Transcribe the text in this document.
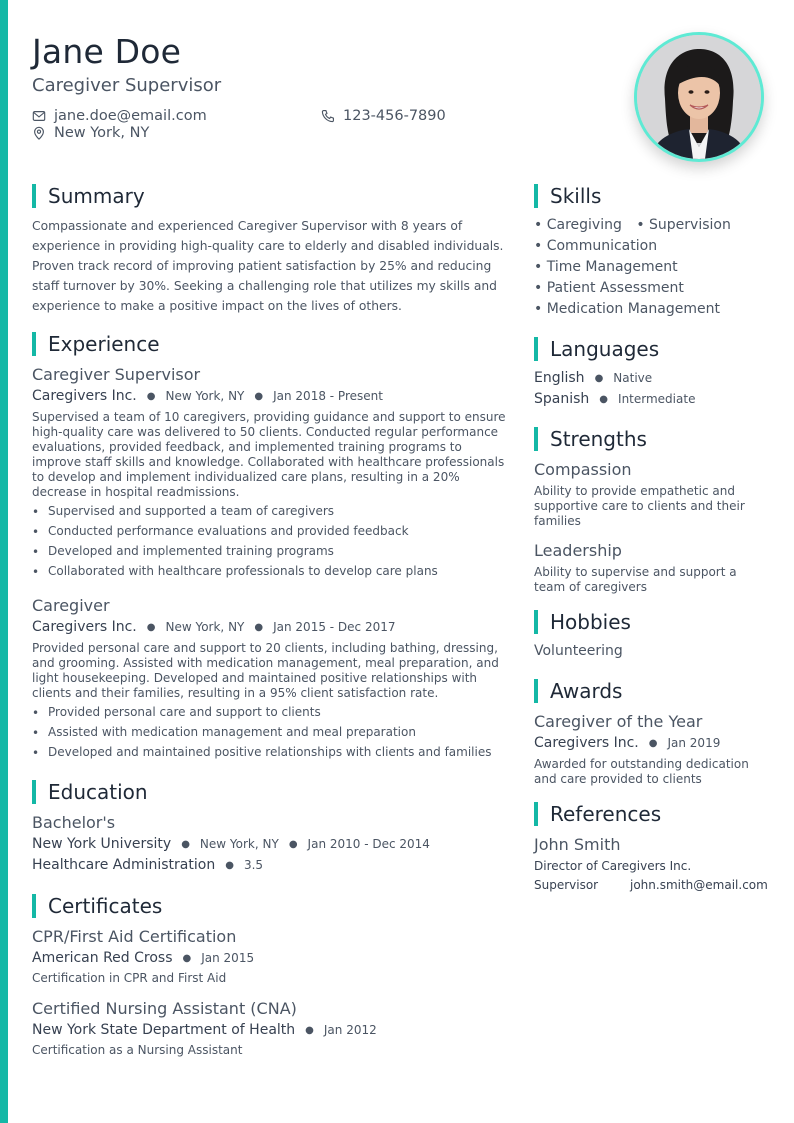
Jane Doe
Caregiver Supervisor
jane.doe@email.com
New York, NY
123-456-7890
Summary
Compassionate and experienced Caregiver Supervisor with 8 years of experience in providing high-quality care to elderly and disabled individuals. Proven track record of improving patient satisfaction by 25% and reducing staff turnover by 30%. Seeking a challenging role that utilizes my skills and experience to make a positive impact on the lives of others.
Experience
Caregiver Supervisor
Caregivers Inc. ● New York, NY ● Jan 2018 - Present
Supervised a team of 10 caregivers, providing guidance and support to ensure high-quality care was delivered to 50 clients. Conducted regular performance evaluations, provided feedback, and implemented training programs to improve staff skills and knowledge. Collaborated with healthcare professionals to develop and implement individualized care plans, resulting in a 20% decrease in hospital readmissions.
• Supervised and supported a team of caregivers
• Conducted performance evaluations and provided feedback
• Developed and implemented training programs
• Collaborated with healthcare professionals to develop care plans
Caregiver
Caregivers Inc. ● New York, NY ● Jan 2015 - Dec 2017
Provided personal care and support to 20 clients, including bathing, dressing, and grooming. Assisted with medication management, meal preparation, and light housekeeping. Developed and maintained positive relationships with clients and their families, resulting in a 95% client satisfaction rate.
• Provided personal care and support to clients
• Assisted with medication management and meal preparation
• Developed and maintained positive relationships with clients and families
Education
Bachelor's
New York University ● New York, NY ● Jan 2010 - Dec 2014
Healthcare Administration ● 3.5
Certificates
CPR/First Aid Certification
American Red Cross ● Jan 2015
Certification in CPR and First Aid
Certified Nursing Assistant (CNA)
New York State Department of Health ● Jan 2012
Certification as a Nursing Assistant
Skills
• Caregiving • Supervision
• Communication
• Time Management
• Patient Assessment
• Medication Management
Languages
English ● Native
Spanish ● Intermediate
Strengths
Compassion
Ability to provide empathetic and supportive care to clients and their families
Leadership
Ability to supervise and support a team of caregivers
Hobbies
Volunteering
Awards
Caregiver of the Year
Caregivers Inc. ● Jan 2019
Awarded for outstanding dedication and care provided to clients
References
John Smith
Director of Caregivers Inc.
Supervisor	john.smith@email.com
